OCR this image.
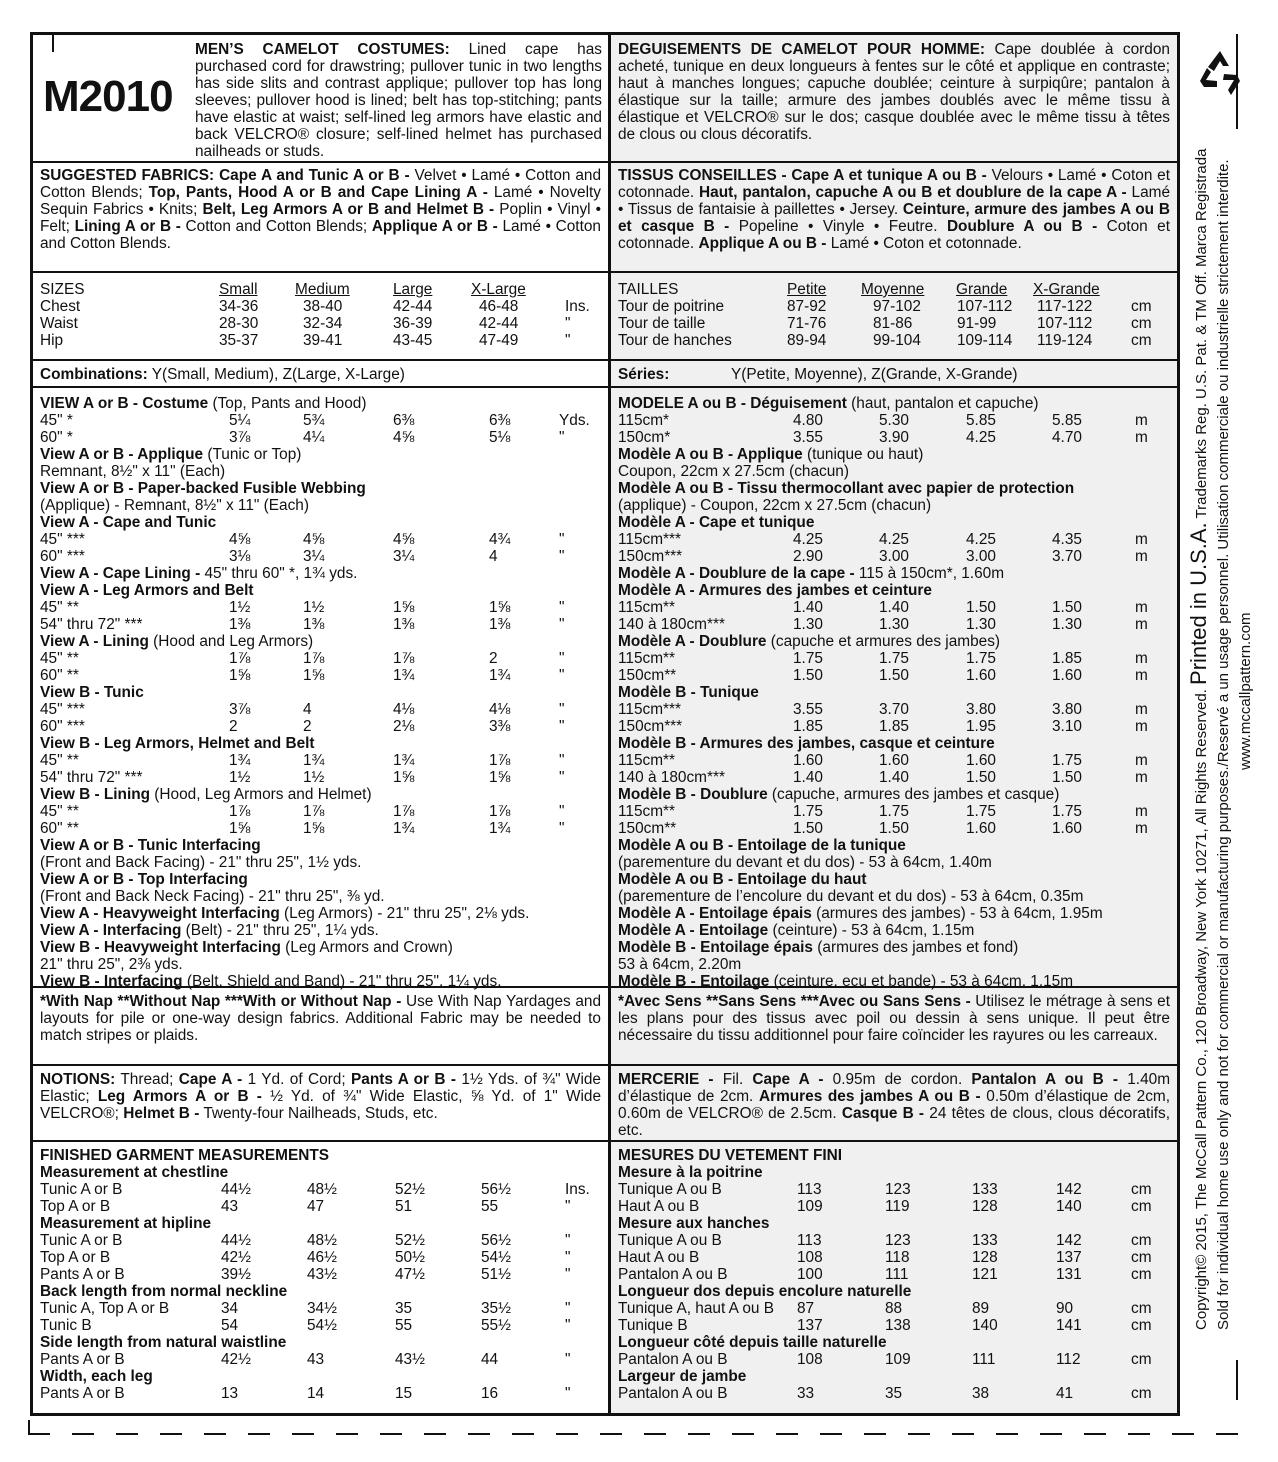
M2010
MEN’S CAMELOT COSTUMES: Lined cape has purchased cord for drawstring; pullover tunic in two lengths has side slits and contrast applique; pullover top has long sleeves; pullover hood is lined; belt has top-stitching; pants have elastic at waist; self-lined leg armors have elastic and back VELCRO® closure; self-lined helmet has purchased nailheads or studs.
SUGGESTED FABRICS: Cape A and Tunic A or B - Velvet • Lamé • Cotton and Cotton Blends; Top, Pants, Hood A or B and Cape Lining A - Lamé • Novelty Sequin Fabrics • Knits; Belt, Leg Armors A or B and Helmet B - Poplin • Vinyl • Felt; Lining A or B - Cotton and Cotton Blends; Applique A or B - Lamé • Cotton and Cotton Blends.
SIZES	Small Medium	Large	X-Large
Chest	34-36	38-40	42-44	46-48	Ins.
Waist	28-30	32-34	36-39	42-44	"
Hip	35-37	39-41	43-45	47-49	"
Combinations: Y(Small, Medium), Z(Large, X-Large)
VIEW A or B - Costume (Top, Pants and Hood)
45" *	5¼	5¾	6⅜	6⅜	Yds.
60" *	3⅞	4¼	4⅝	5⅛	"
View A or B - Applique (Tunic or Top)
Remnant, 8½" x 11" (Each)
View A or B - Paper-backed Fusible Webbing
(Applique) - Remnant, 8½" x 11" (Each)
View A - Cape and Tunic
45" ***	4⅝	4⅝	4⅝	4¾	"
60" ***	3⅛	3¼	3¼	4	"
View A - Cape Lining - 45" thru 60" *, 1¾ yds.
View A - Leg Armors and Belt
45" **	1½	1½	1⅝	1⅝	"
54" thru 72" ***	1⅜	1⅜	1⅜	1⅜	"
View A - Lining (Hood and Leg Armors)
45" **	1⅞	1⅞	1⅞	2	"
60" **	1⅝	1⅝	1¾	1¾	"
View B - Tunic
45" ***	3⅞	4	4⅛	4⅛	"
60" ***	2	2	2⅛	3⅜	"
View B - Leg Armors, Helmet and Belt
45" **	1¾	1¾	1¾	1⅞	"
54" thru 72" ***	1½	1½	1⅝	1⅝	"
View B - Lining (Hood, Leg Armors and Helmet)
45" **	1⅞	1⅞	1⅞	1⅞	"
60" **	1⅝	1⅝	1¾	1¾	"
View A or B - Tunic Interfacing
(Front and Back Facing) - 21" thru 25", 1½ yds.
View A or B - Top Interfacing
(Front and Back Neck Facing) - 21" thru 25", ⅜ yd.
View A - Heavyweight Interfacing (Leg Armors) - 21" thru 25", 2⅛ yds.
View A - Interfacing (Belt) - 21" thru 25", 1¼ yds.
View B - Heavyweight Interfacing (Leg Armors and Crown)
21" thru 25", 2⅜ yds.
View B - Interfacing (Belt, Shield and Band) - 21" thru 25", 1¼ yds.
*With Nap **Without Nap ***With or Without Nap - Use With Nap Yardages and layouts for pile or one-way design fabrics. Additional Fabric may be needed to match stripes or plaids.
NOTIONS: Thread; Cape A - 1 Yd. of Cord; Pants A or B - 1½ Yds. of ¾" Wide Elastic; Leg Armors A or B - ½ Yd. of ¾" Wide Elastic, ⅝ Yd. of 1" Wide VELCRO®; Helmet B - Twenty-four Nailheads, Studs, etc.
FINISHED GARMENT MEASUREMENTS
Measurement at chestline
Tunic A or B	44½	48½	52½	56½	Ins.
Top A or B	43	47	51	55	"
Measurement at hipline
Tunic A or B	44½	48½	52½	56½	"
Top A or B	42½	46½	50½	54½	"
Pants A or B	39½	43½	47½	51½	"
Back length from normal neckline
Tunic A, Top A or B	34	34½	35	35½	"
Tunic B	54	54½	55	55½	"
Side length from natural waistline
Pants A or B	42½	43	43½	44	"
Width, each leg
Pants A or B	13	14	15	16	"
DEGUISEMENTS DE CAMELOT POUR HOMME: Cape doublée à cordon acheté, tunique en deux longueurs à fentes sur le côté et applique en contraste; haut à manches longues; capuche doublée; ceinture à surpiqûre; pantalon à élastique sur la taille; armure des jambes doublés avec le même tissu à élastique et VELCRO® sur le dos; casque doublée avec le même tissu à têtes de clous ou clous décoratifs.
TISSUS CONSEILLES - Cape A et tunique A ou B - Velours • Lamé • Coton et cotonnade. Haut, pantalon, capuche A ou B et doublure de la cape A - Lamé • Tissus de fantaisie à paillettes • Jersey. Ceinture, armure des jambes A ou B et casque B - Popeline • Vinyle • Feutre. Doublure A ou B - Coton et cotonnade. Applique A ou B - Lamé • Coton et cotonnade.
TAILLES	Petite Moyenne Grande X-Grande
Tour de poitrine	87-92	97-102 107-112 117-122	cm
Tour de taille	71-76	81-86	91-99	107-112	cm
Tour de hanches	89-94	99-104 109-114 119-124	cm
Séries:	Y(Petite, Moyenne), Z(Grande, X-Grande)
MODELE A ou B - Déguisement (haut, pantalon et capuche)
115cm*	4.80	5.30	5.85	5.85	m
150cm*	3.55	3.90	4.25	4.70	m
Modèle A ou B - Applique (tunique ou haut)
Coupon, 22cm x 27.5cm (chacun)
Modèle A ou B - Tissu thermocollant avec papier de protection
(applique) - Coupon, 22cm x 27.5cm (chacun)
Modèle A - Cape et tunique
115cm***	4.25	4.25	4.25	4.35	m
150cm***	2.90	3.00	3.00	3.70	m
Modèle A - Doublure de la cape - 115 à 150cm*, 1.60m
Modèle A - Armures des jambes et ceinture
115cm**	1.40	1.40	1.50	1.50	m
140 à 180cm***	1.30	1.30	1.30	1.30	m
Modèle A - Doublure (capuche et armures des jambes)
115cm**	1.75	1.75	1.75	1.85	m
150cm**	1.50	1.50	1.60	1.60	m
Modèle B - Tunique
115cm***	3.55	3.70	3.80	3.80	m
150cm***	1.85	1.85	1.95	3.10	m
Modèle B - Armures des jambes, casque et ceinture
115cm**	1.60	1.60	1.60	1.75	m
140 à 180cm***	1.40	1.40	1.50	1.50	m
Modèle B - Doublure (capuche, armures des jambes et casque)
115cm**	1.75	1.75	1.75	1.75	m
150cm**	1.50	1.50	1.60	1.60	m
Modèle A ou B - Entoilage de la tunique
(parementure du devant et du dos) - 53 à 64cm, 1.40m
Modèle A ou B - Entoilage du haut
(parementure de l’encolure du devant et du dos) - 53 à 64cm, 0.35m
Modèle A - Entoilage épais (armures des jambes) - 53 à 64cm, 1.95m
Modèle A - Entoilage (ceinture) - 53 à 64cm, 1.15m
Modèle B - Entoilage épais (armures des jambes et fond)
53 à 64cm, 2.20m
Modèle B - Entoilage (ceinture, ecu et bande) - 53 à 64cm, 1.15m
*Avec Sens **Sans Sens ***Avec ou Sans Sens - Utilisez le métrage à sens et les plans pour des tissus avec poil ou dessin à sens unique. Il peut être nécessaire du tissu additionnel pour faire coïncider les rayures ou les carreaux.
MERCERIE - Fil. Cape A - 0.95m de cordon. Pantalon A ou B - 1.40m d’élastique de 2cm. Armures des jambes A ou B - 0.50m d’élastique de 2cm, 0.60m de VELCRO® de 2.5cm. Casque B - 24 têtes de clous, clous décoratifs, etc.
MESURES DU VETEMENT FINI
Mesure à la poitrine
Tunique A ou B	113	123	133	142	cm
Haut A ou B	109	119	128	140	cm
Mesure aux hanches
Tunique A ou B	113	123	133	142	cm
Haut A ou B	108	118	128	137	cm
Pantalon A ou B	100	111	121	131	cm
Longueur dos depuis encolure naturelle
Tunique A, haut A ou B 87	88	89	90	cm
Tunique B	137	138	140	141	cm
Longueur côté depuis taille naturelle
Pantalon A ou B	108	109	111	112	cm
Largeur de jambe
Pantalon A ou B	33	35	38	41	cm
Copyright© 2015, The McCall Pattern Co., 120 Broadway, New York 10271, All Rights Reserved. Printed in U.S.A. Trademarks Reg. U.S. Pat. & TM Off. Marca Registrada Sold for individual home use only and not for commercial or manufacturing purposes./Reservé a un usage personnel. Utilisation commerciale ou industrielle strictement interdite. www.mccallpattern.com
